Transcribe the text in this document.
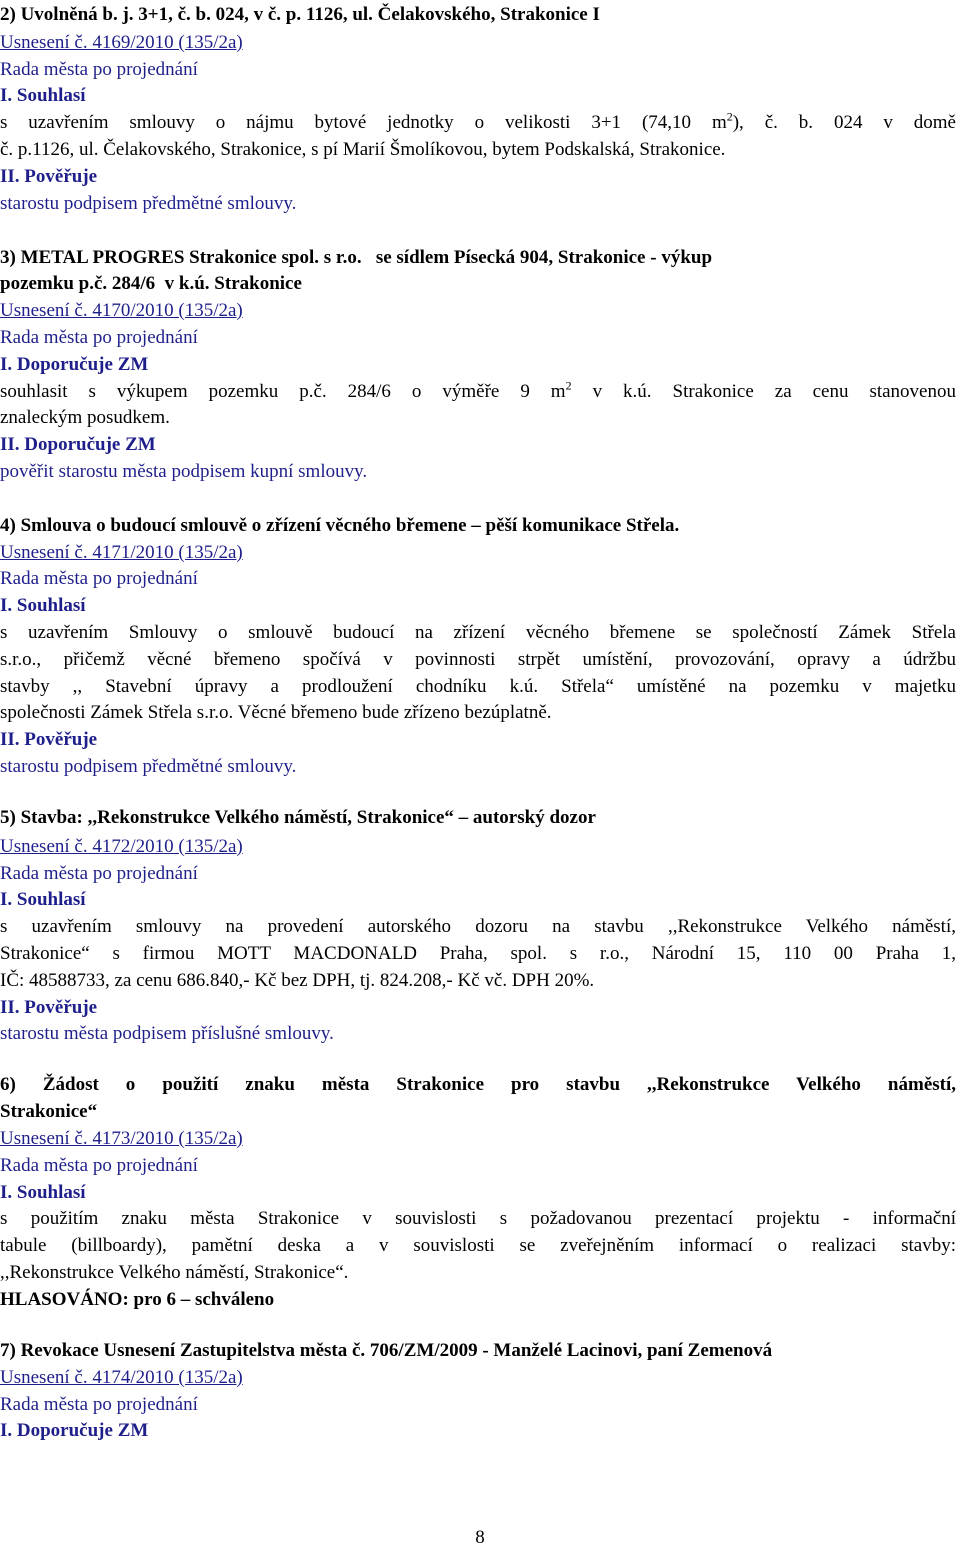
2) Uvolněná b. j. 3+1, č. b. 024, v č. p. 1126, ul. Čelakovského, Strakonice I
Usnesení č. 4169/2010 (135/2a)
Rada města po projednání
I. Souhlasí
s uzavřením smlouvy o nájmu bytové jednotky o velikosti 3+1 (74,10 $m^2$), č. b. 024 v domě
č. p.1126, ul. Čelakovského, Strakonice, s pí Marií Šmolíkovou, bytem Podskalská, Strakonice.
II. Pověřuje
starostu podpisem předmětné smlouvy.
3) METAL PROGRES Strakonice spol. s r.o.   se sídlem Písecká 904, Strakonice - výkup
pozemku p.č. 284/6  v k.ú. Strakonice
Usnesení č. 4170/2010 (135/2a)
Rada města po projednání
I. Doporučuje ZM
souhlasit s výkupem pozemku p.č. 284/6 o výměře 9 $m^2$ v k.ú. Strakonice za cenu stanovenou
znaleckým posudkem.
II. Doporučuje ZM
pověřit starostu města podpisem kupní smlouvy.
4) Smlouva o budoucí smlouvě o zřízení věcného břemene – pěší komunikace Střela.
Usnesení č. 4171/2010 (135/2a)
Rada města po projednání
I. Souhlasí
s uzavřením Smlouvy o smlouvě budoucí na zřízení věcného břemene se společností Zámek Střela
s.r.o., přičemž věcné břemeno spočívá v povinnosti strpět umístění, provozování, opravy a údržbu
stavby ,, Stavební úpravy a prodloužení chodníku k.ú. Střela“ umístěné na pozemku v majetku
společnosti Zámek Střela s.r.o. Věcné břemeno bude zřízeno bezúplatně.
II. Pověřuje
starostu podpisem předmětné smlouvy.
5) Stavba: ,,Rekonstrukce Velkého náměstí, Strakonice“ – autorský dozor
Usnesení č. 4172/2010 (135/2a)
Rada města po projednání
I. Souhlasí
s uzavřením smlouvy na provedení autorského dozoru na stavbu ,,Rekonstrukce Velkého náměstí,
Strakonice“ s firmou MOTT MACDONALD Praha, spol. s r.o., Národní 15, 110 00 Praha 1,
IČ: 48588733, za cenu 686.840,- Kč bez DPH, tj. 824.208,- Kč vč. DPH 20%.
II. Pověřuje
starostu města podpisem příslušné smlouvy.
6) Žádost o použití znaku města Strakonice pro stavbu ,,Rekonstrukce Velkého náměstí,
Strakonice“
Usnesení č. 4173/2010 (135/2a)
Rada města po projednání
I. Souhlasí
s použitím znaku města Strakonice v souvislosti s požadovanou prezentací projektu - informační
tabule (billboardy), pamětní deska a v souvislosti se zveřejněním informací o realizaci stavby:
,,Rekonstrukce Velkého náměstí, Strakonice“.
HLASOVÁNO: pro 6 – schváleno
7) Revokace Usnesení Zastupitelstva města č. 706/ZM/2009 - Manželé Lacinovi, paní Zemenová
Usnesení č. 4174/2010 (135/2a)
Rada města po projednání
I. Doporučuje ZM
8
